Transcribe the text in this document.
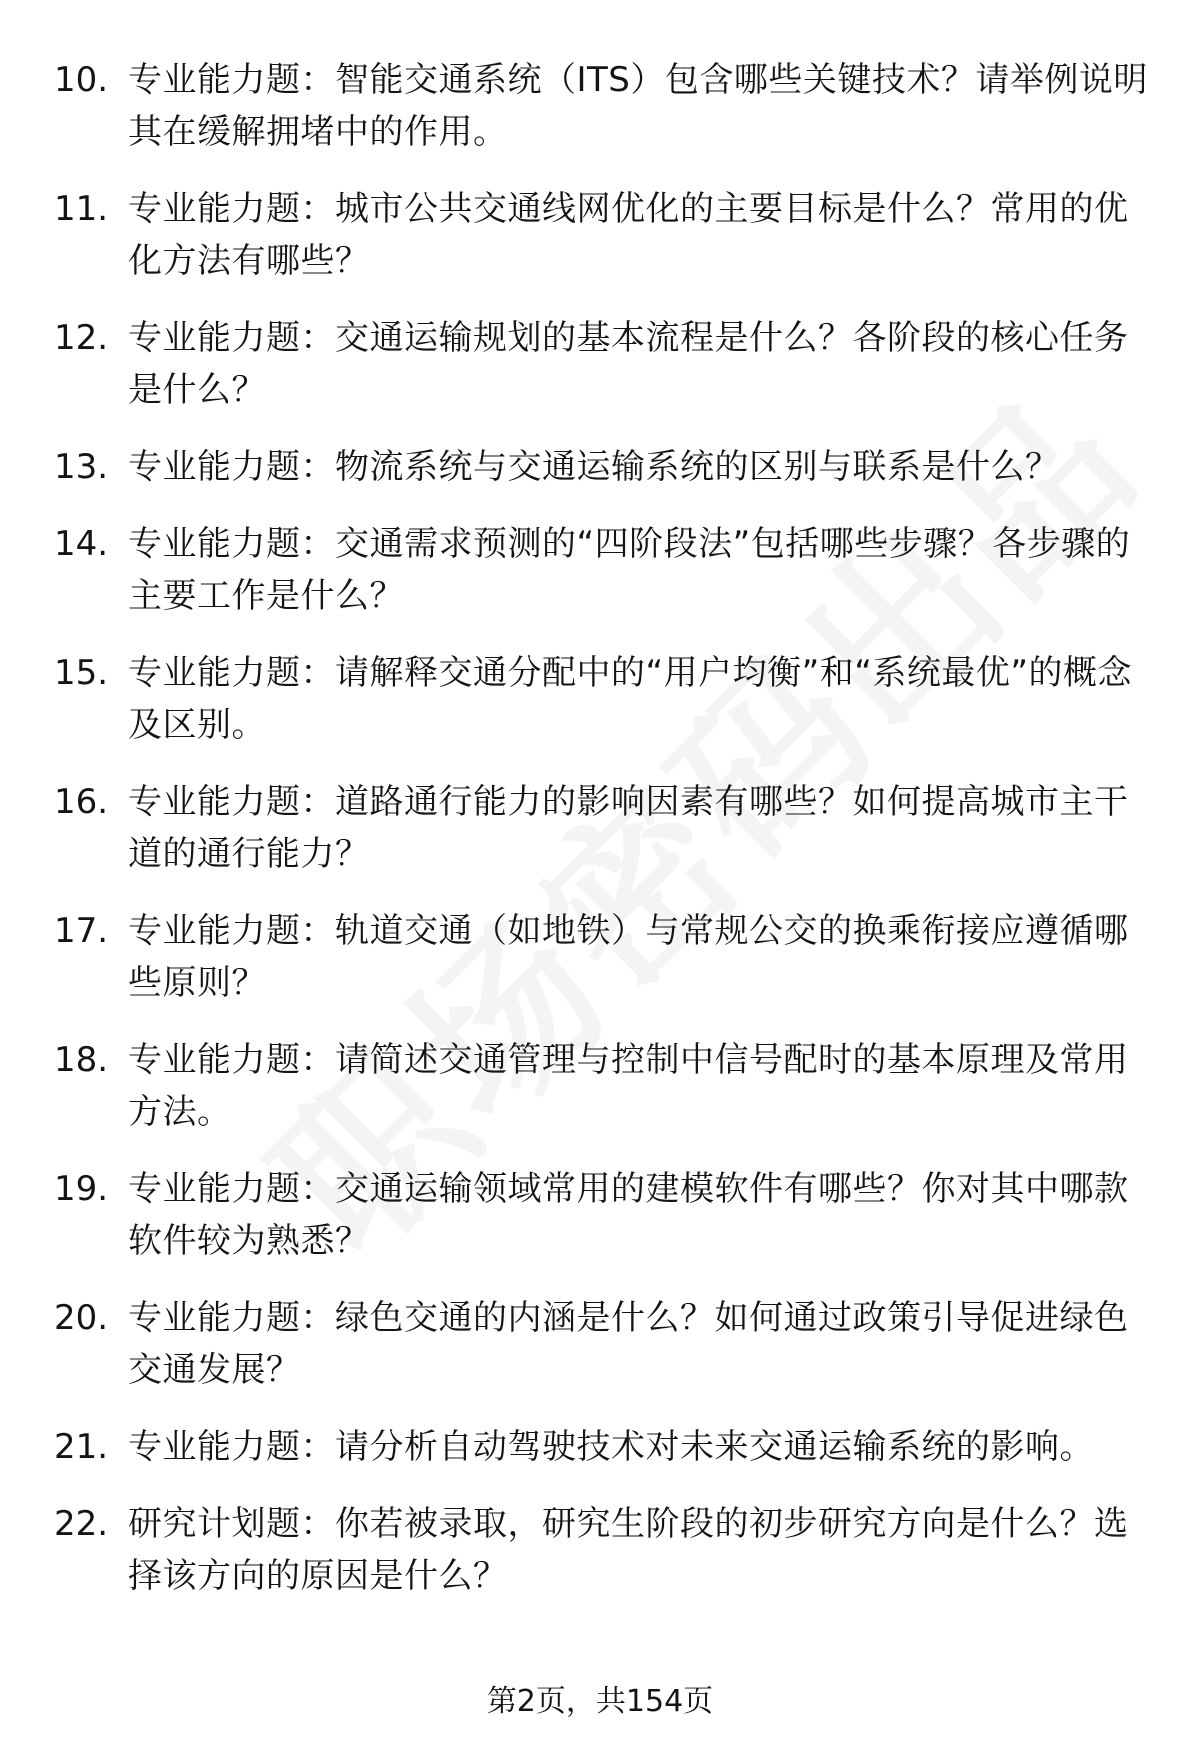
10. 专业能力题：智能交通系统（ITS）包含哪些关键技术？请举例说明其在缓解拥堵中的作用。
11. 专业能力题：城市公共交通线网优化的主要目标是什么？常用的优化方法有哪些？
12. 专业能力题：交通运输规划的基本流程是什么？各阶段的核心任务是什么？
13. 专业能力题：物流系统与交通运输系统的区别与联系是什么？
14. 专业能力题：交通需求预测的“四阶段法”包括哪些步骤？各步骤的主要工作是什么？
15. 专业能力题：请解释交通分配中的“用户均衡”和“系统最优”的概念及区别。
16. 专业能力题：道路通行能力的影响因素有哪些？如何提高城市主干道的通行能力？
17. 专业能力题：轨道交通（如地铁）与常规公交的换乘衔接应遵循哪些原则？
18. 专业能力题：请简述交通管理与控制中信号配时的基本原理及常用方法。
19. 专业能力题：交通运输领域常用的建模软件有哪些？你对其中哪款软件较为熟悉？
20. 专业能力题：绿色交通的内涵是什么？如何通过政策引导促进绿色交通发展？
21. 专业能力题：请分析自动驾驶技术对未来交通运输系统的影响。
22. 研究计划题：你若被录取，研究生阶段的初步研究方向是什么？选择该方向的原因是什么？
第2页，共154页
